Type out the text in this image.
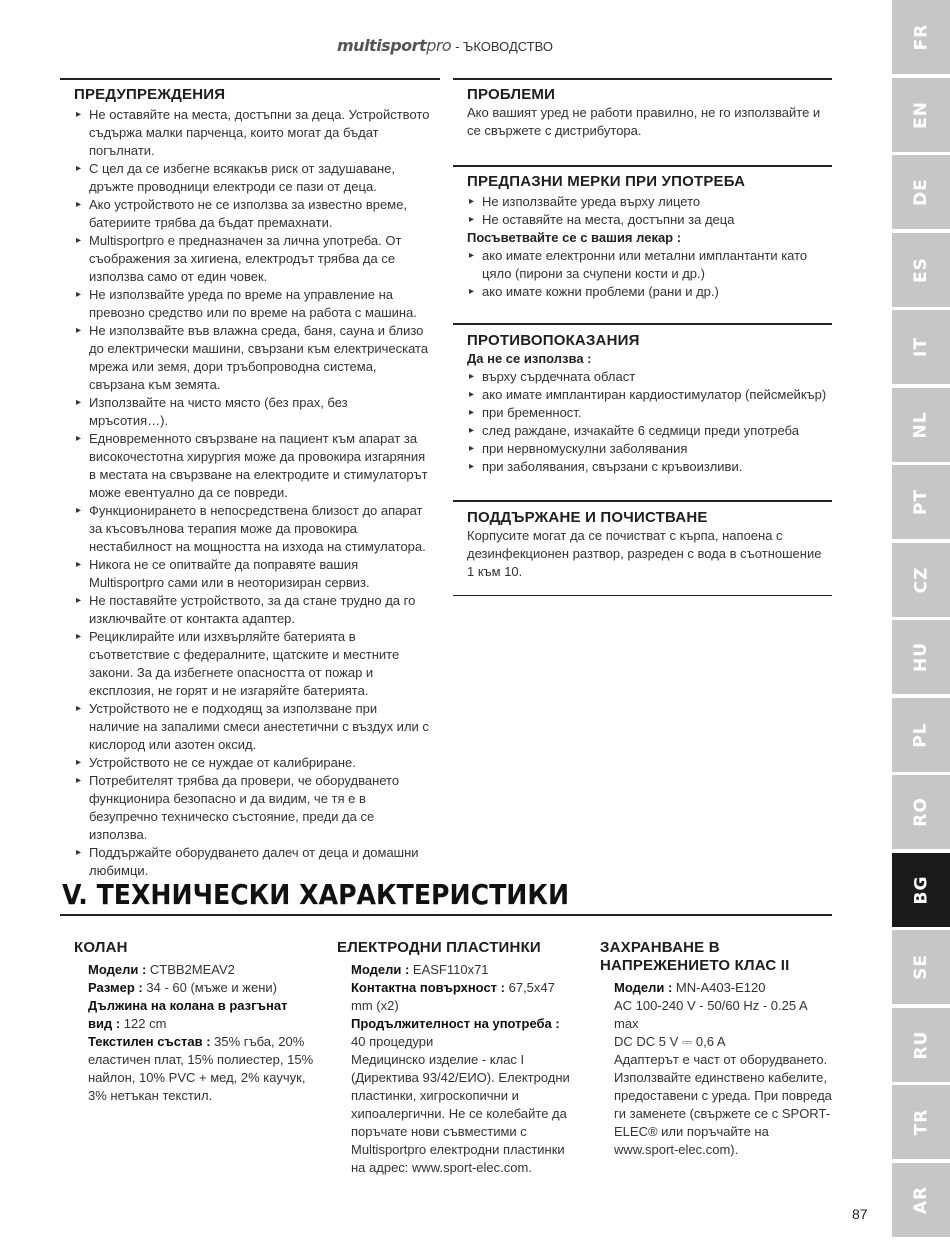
multisportpro - ЪКОВОДСТВО
ПРЕДУПРЕЖДЕНИЯ
▸ Не оставяйте на места, достъпни за деца. Устройството съдържа малки парченца, които могат да бъдат погълнати.
▸ С цел да се избегне всякакъв риск от задушаване, дръжте проводници електроди се пази от деца.
▸ Ако устройството не се използва за известно време, батериите трябва да бъдат премахнати.
▸ Multisportpro е предназначен за лична употреба. От съображения за хигиена, електродът трябва да се използва само от един човек.
▸ Не използвайте уреда по време на управление на превозно средство или по време на работа с машина.
▸ Не използвайте във влажна среда, баня, сауна и близо до електрически машини, свързани към електрическата мрежа или земя, дори тръбопроводна система, свързана към земята.
▸ Използвайте на чисто място (без прах, без мръсотия…).
▸ Едновременното свързване на пациент към апарат за високочестотна хирургия може да провокира изгаряния в местата на свързване на електродите и стимулаторът може евентуално да се повреди.
▸ Функционирането в непосредствена близост до апарат за късовълнова терапия може да провокира нестабилност на мощността на изхода на стимулатора.
▸ Никога не се опитвайте да поправяте вашия Multisportpro сами или в неоторизиран сервиз.
▸ Не поставяйте устройството, за да стане трудно да го изключвайте от контакта адаптер.
▸ Рециклирайте или изхвърляйте батерията в съответствие с федералните, щатските и местните закони. За да избегнете опасността от пожар и експлозия, не горят и не изгаряйте батерията.
▸ Устройството не е подходящ за използване при наличие на запалими смеси анестетични с въздух или с кислород или азотен оксид.
▸ Устройството не се нуждае от калибриране.
▸ Потребителят трябва да провери, че оборудването функционира безопасно и да видим, че тя е в безупречно техническо състояние, преди да се използва.
▸ Поддържайте оборудването далеч от деца и домашни любимци.
ПРОБЛЕМИ
Ако вашият уред не работи правилно, не го използвайте и се свържете с дистрибутора.
ПРЕДПАЗНИ МЕРКИ ПРИ УПОТРЕБА
▸ Не използвайте уреда върху лицето
▸ Не оставяйте на места, достъпни за деца
Посъветвайте се с вашия лекар :
▸ ако имате електронни или метални имплантанти като цяло (пирони за счупени кости и др.)
▸ ако имате кожни проблеми (рани и др.)
ПРОТИВОПОКАЗАНИЯ
Да не се използва :
▸ върху сърдечната област
▸ ако имате имплантиран кардиостимулатор (пейсмейкър)
▸ при бременност.
▸ след раждане, изчакайте 6 седмици преди употреба
▸ при нервномускулни заболявания
▸ при заболявания, свързани с кръвоизливи.
ПОДДЪРЖАНЕ И ПОЧИСТВАНЕ
Корпусите могат да се почистват с кърпа, напоена с дезинфекционен разтвор, разреден с вода в съотношение 1 към 10.
V. ТЕХНИЧЕСКИ ХАРАКТЕРИСТИКИ
КОЛАН
Модели : CTBB2MEAV2
Размер : 34 - 60 (мъже и жени)
Дължина на колана в разгънат вид : 122 cm
Текстилен състав : 35% гъба, 20% еластичен плат, 15% полиестер, 15% найлон, 10% PVC + мед, 2% каучук, 3% нетъкан текстил.
ЕЛЕКТРОДНИ ПЛАСТИНКИ
Модели : EASF110x71
Контактна повърхност : 67,5x47 mm (x2)
Продължителност на употреба : 40 процедури
Медицинско изделие - клас I (Директива 93/42/ЕИО). Електродни пластинки, хигроскопични и хипоалергични. Не се колебайте да поръчате нови съвместими с Multisportpro електродни пластинки на адрес: www.sport-elec.com.
ЗАХРАНВАНЕ В НАПРЕЖЕНИЕТО КЛАС II
Модели : MN-A403-E120
AC 100-240 V - 50/60 Hz - 0.25 A max
DC DC 5 V ⎓ 0,6 A
Адаптерът е част от оборудването. Използвайте единствено кабелите, предоставени с уреда. При повреда ги заменете (свържете се с SPORT-ELEC® или поръчайте на www.sport-elec.com).
FR
EN
DE
ES
IT
NL
PT
CZ
HU
PL
RO
BG
SE
RU
TR
AR
87
